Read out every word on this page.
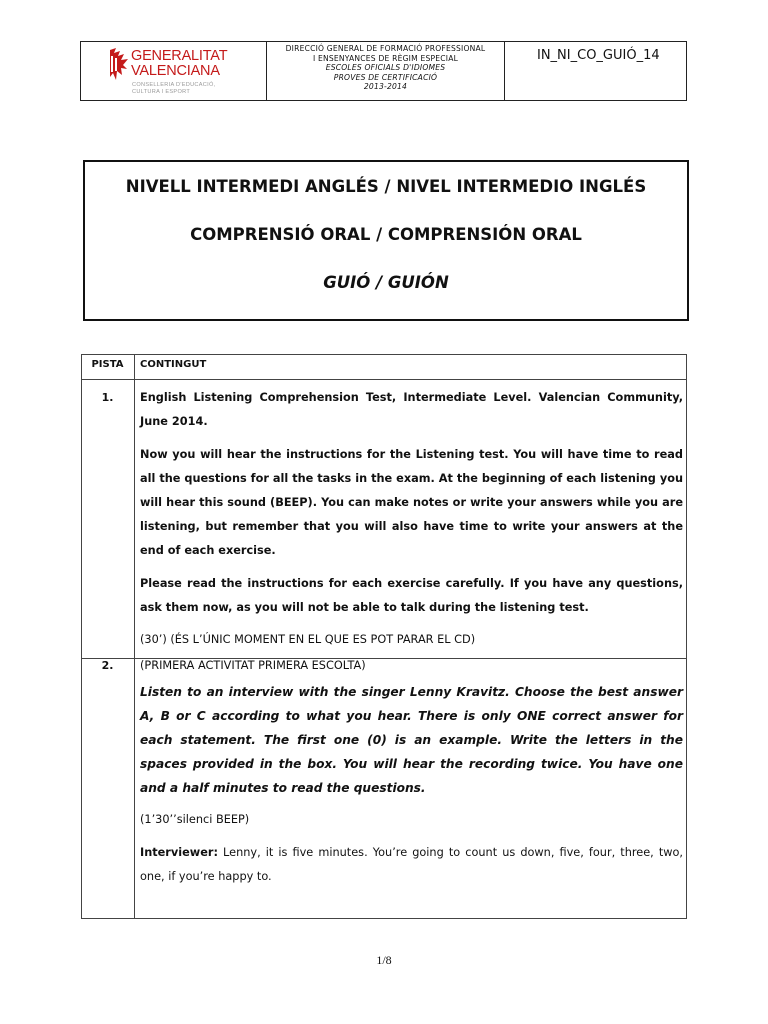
GENERALITAT
VALENCIANA
CONSELLERIA D'EDUCACIÓ,
CULTURA I ESPORT
DIRECCIÓ GENERAL DE FORMACIÓ PROFESSIONAL
I ENSENYANCES DE RÈGIM ESPECIAL
ESCOLES OFICIALS D'IDIOMES
PROVES DE CERTIFICACIÓ
2013-2014
IN_NI_CO_GUIÓ_14
NIVELL INTERMEDI ANGLÉS / NIVEL INTERMEDIO INGLÉS
COMPRENSIÓ ORAL / COMPRENSIÓN ORAL
GUIÓ / GUIÓN
PISTA	CONTINGUT
1.	English Listening Comprehension Test, Intermediate Level. Valencian Community, June 2014.

Now you will hear the instructions for the Listening test. You will have time to read all the questions for all the tasks in the exam. At the beginning of each listening you will hear this sound (BEEP). You can make notes or write your answers while you are listening, but remember that you will also have time to write your answers at the end of each exercise.

Please read the instructions for each exercise carefully. If you have any questions, ask them now, as you will not be able to talk during the listening test.

(30’) (ÉS L’ÚNIC MOMENT EN EL QUE ES POT PARAR EL CD)

2.	(PRIMERA ACTIVITAT PRIMERA ESCOLTA)

Listen to an interview with the singer Lenny Kravitz. Choose the best answer A, B or C according to what you hear. There is only ONE correct answer for each statement. The first one (0) is an example. Write the letters in the spaces provided in the box. You will hear the recording twice. You have one and a half minutes to read the questions.

(1’30’’silenci BEEP)

Interviewer: Lenny, it is five minutes. You’re going to count us down, five, four, three, two, one, if you’re happy to.

1/8
